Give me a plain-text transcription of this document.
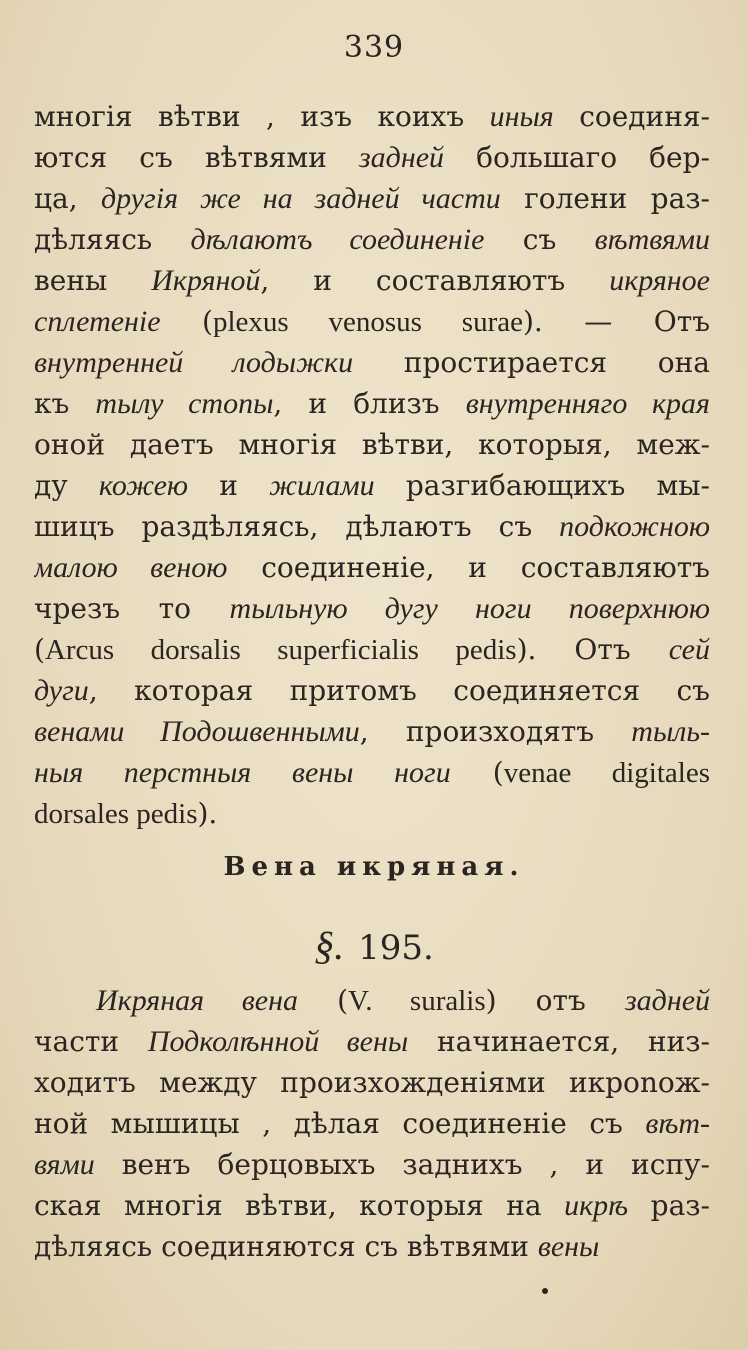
339
многія вѣтви , изъ коихъ иныя соединя-
ются съ вѣтвями задней большаго бер-
ца, другія же на задней части голени раз-
дѣляясь дѣлаютъ соединеніе съ вѣтвями
вены Икряной, и составляютъ икряное
сплетеніе (plexus venosus surae). — Отъ
внутренней лодыжки простирается она
къ тылу стопы, и близъ внутренняго края
оной даетъ многія вѣтви, которыя, меж-
ду кожею и жилами разгибающихъ мы-
шицъ раздѣляясь, дѣлаютъ съ подкожною
малою веною соединеніе, и составляютъ
чрезъ то тыльную дугу ноги поверхнюю
(Arcus dorsalis superficialis pedis). Отъ сей
дуги, которая притомъ соединяется съ
венами Подошвенными, произходятъ тыль-
ныя перстныя вены ноги (venae digitales
dorsales pedis).
Вена икряная.
§. 195.
Икряная вена (V. suralis) отъ задней
части Подколѣнной вены начинается, низ-
ходитъ между произхожденіями икроnож-
ной мышицы , дѣлая соединеніе съ вѣт-
вями венъ берцовыхъ заднихъ , и испу-
ская многія вѣтви, которыя на икрѣ раз-
дѣляясь соединяются съ вѣтвями вены
